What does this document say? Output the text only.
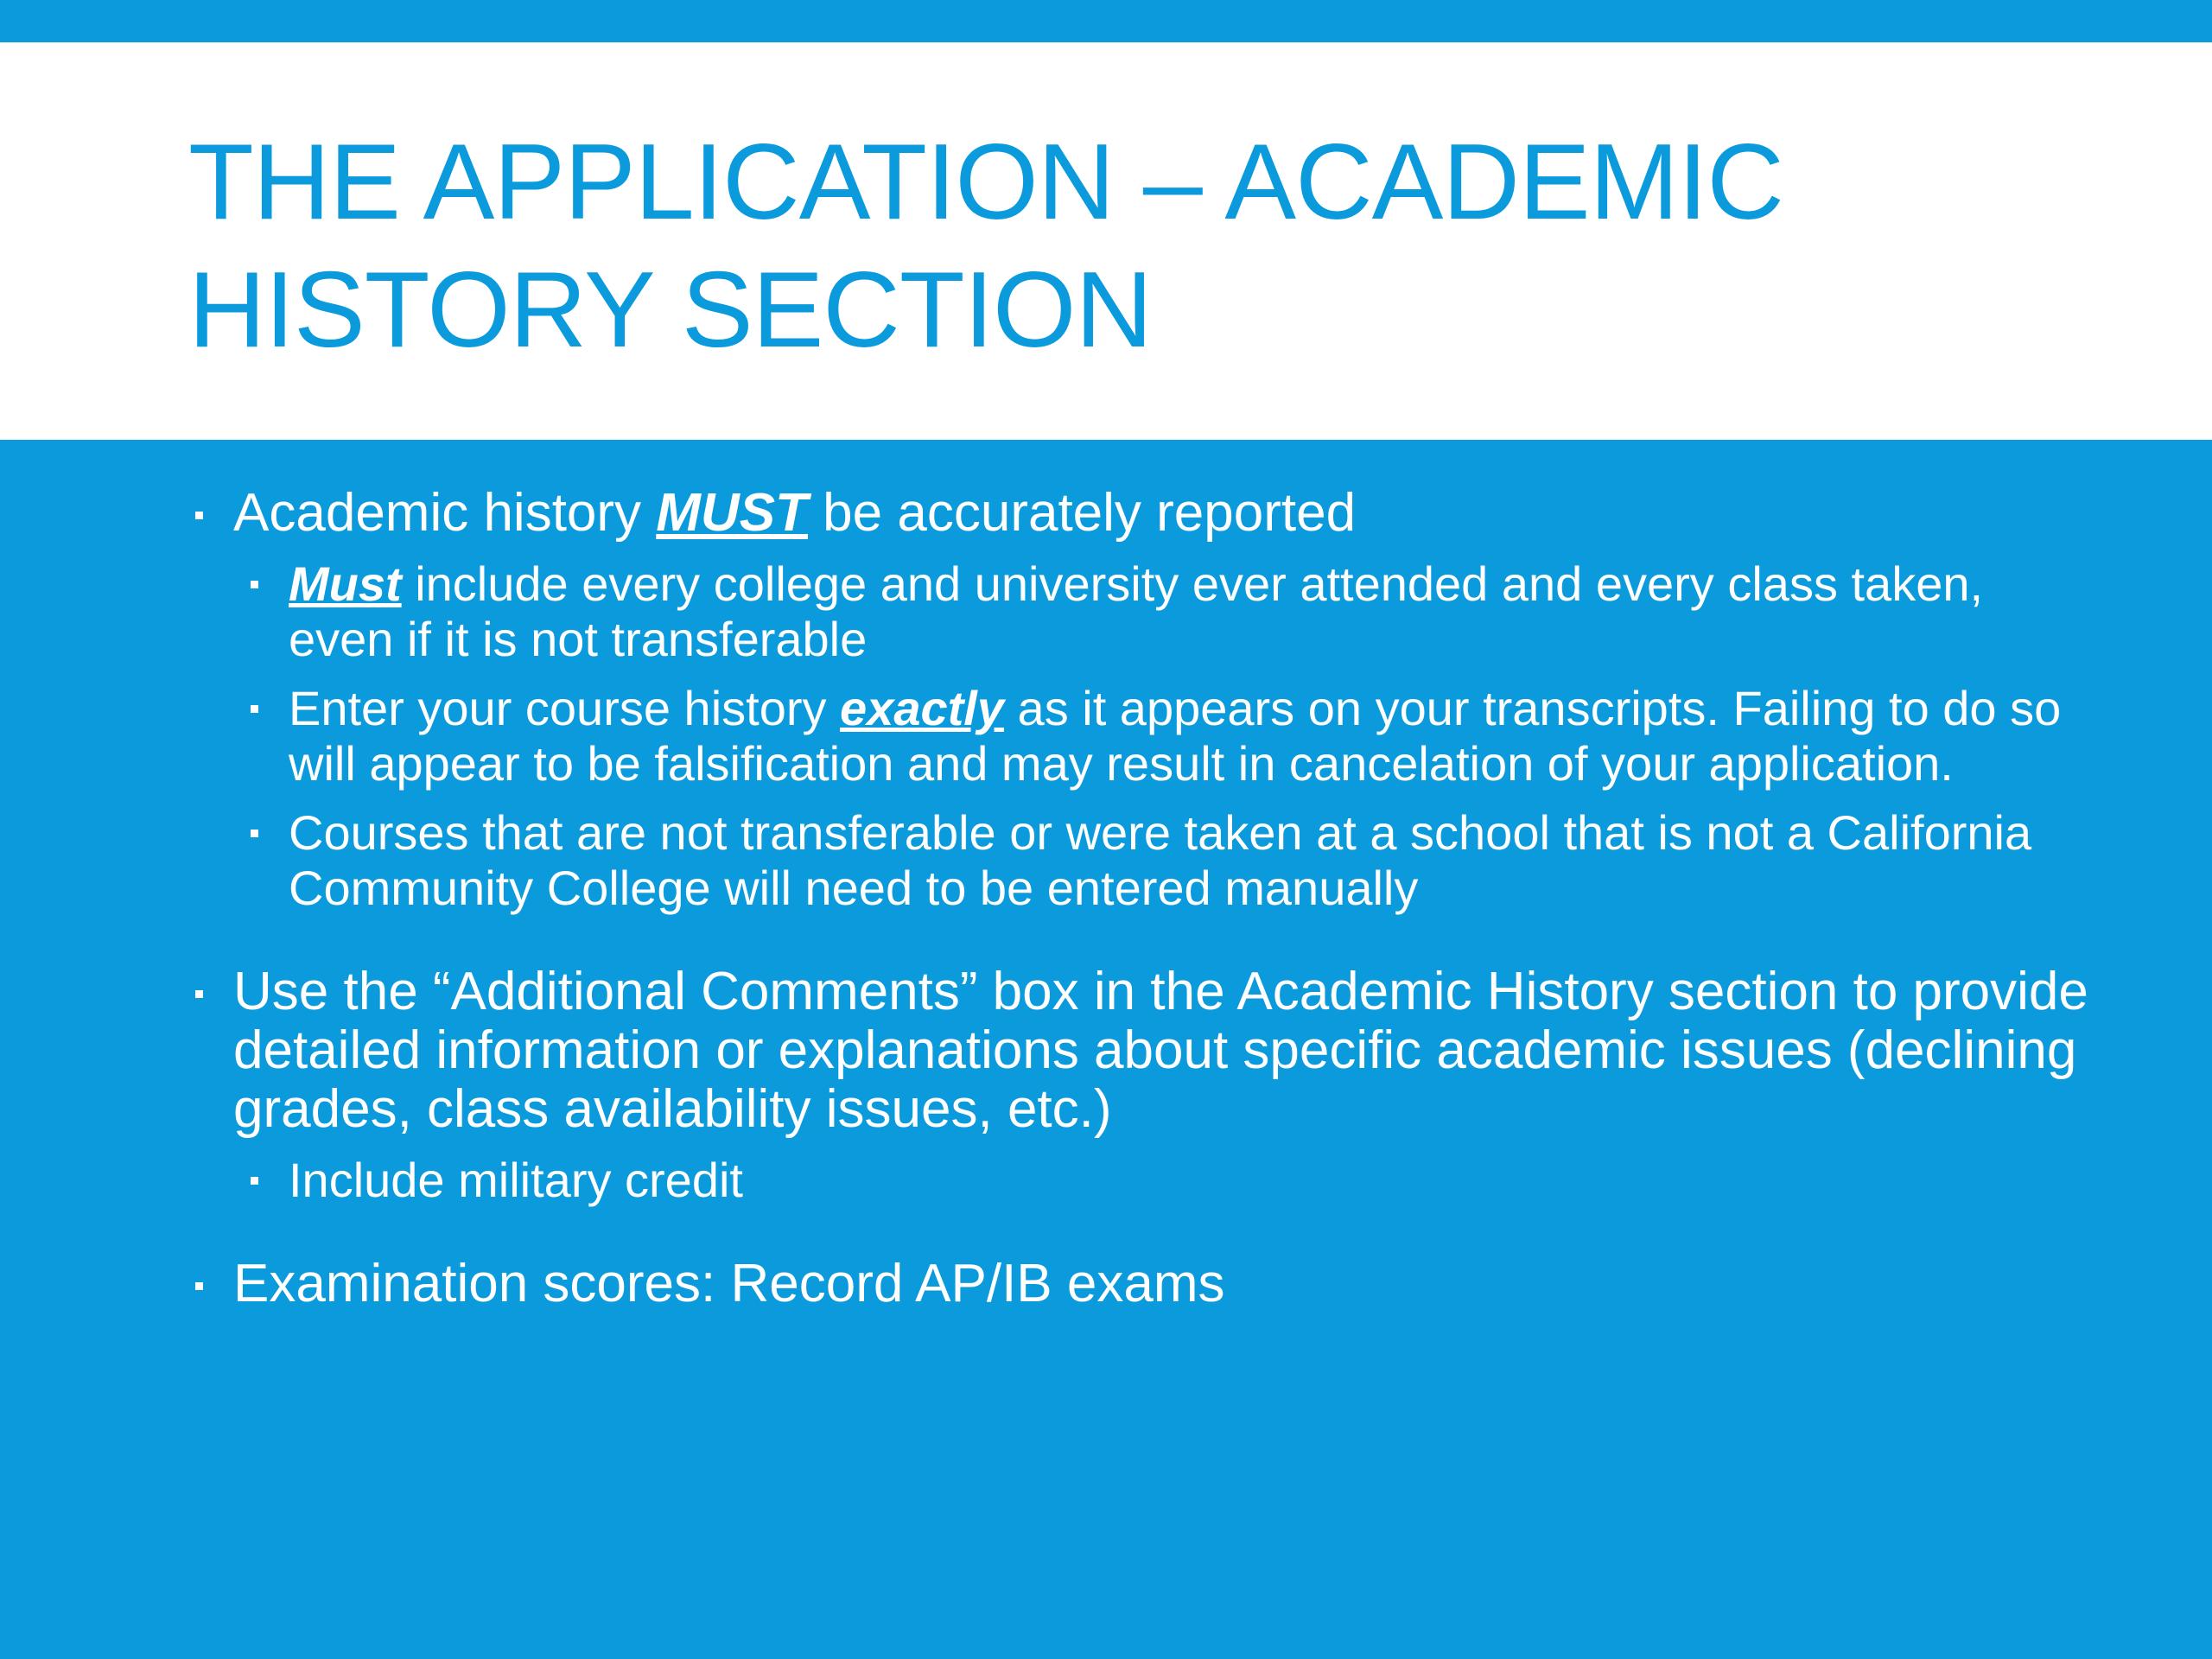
THE APPLICATION – ACADEMIC HISTORY SECTION
Academic history MUST be accurately reported
Must include every college and university ever attended and every class taken, even if it is not transferable
Enter your course history exactly as it appears on your transcripts. Failing to do so will appear to be falsification and may result in cancelation of your application.
Courses that are not transferable or were taken at a school that is not a California Community College will need to be entered manually
Use the “Additional Comments” box in the Academic History section to provide detailed information or explanations about specific academic issues (declining grades, class availability issues, etc.)
Include military credit
Examination scores: Record AP/IB exams
